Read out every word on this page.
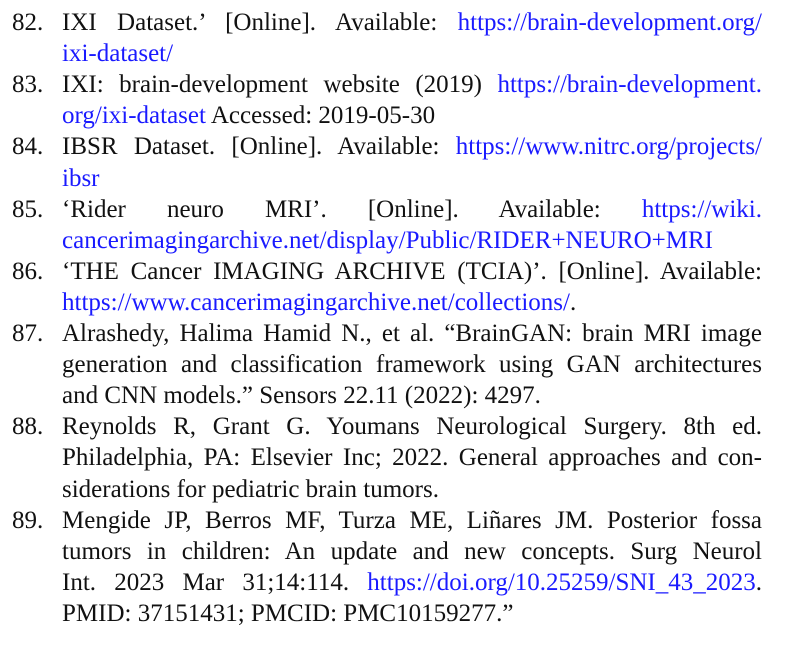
82. IXI Dataset.’ [Online]. Available: https://brain-development.org/
ixi-dataset/
83. IXI: brain-development website (2019) https://brain-development.
org/ixi-dataset Accessed: 2019-05-30
84. IBSR Dataset. [Online]. Available: https://www.nitrc.org/projects/
ibsr
85. ‘Rider neuro MRI’. [Online]. Available: https://wiki.
cancerimagingarchive.net/display/Public/RIDER+NEURO+MRI
86. ‘THE Cancer IMAGING ARCHIVE (TCIA)’. [Online]. Available:
https://www.cancerimagingarchive.net/collections/.
87. Alrashedy, Halima Hamid N., et al. “BrainGAN: brain MRI image
generation and classification framework using GAN architectures
and CNN models.” Sensors 22.11 (2022): 4297.
88. Reynolds R, Grant G. Youmans Neurological Surgery. 8th ed.
Philadelphia, PA: Elsevier Inc; 2022. General approaches and con-
siderations for pediatric brain tumors.
89. Mengide JP, Berros MF, Turza ME, Liñares JM. Posterior fossa
tumors in children: An update and new concepts. Surg Neurol
Int. 2023 Mar 31;14:114. https://doi.org/10.25259/SNI_43_2023.
PMID: 37151431; PMCID: PMC10159277.”
